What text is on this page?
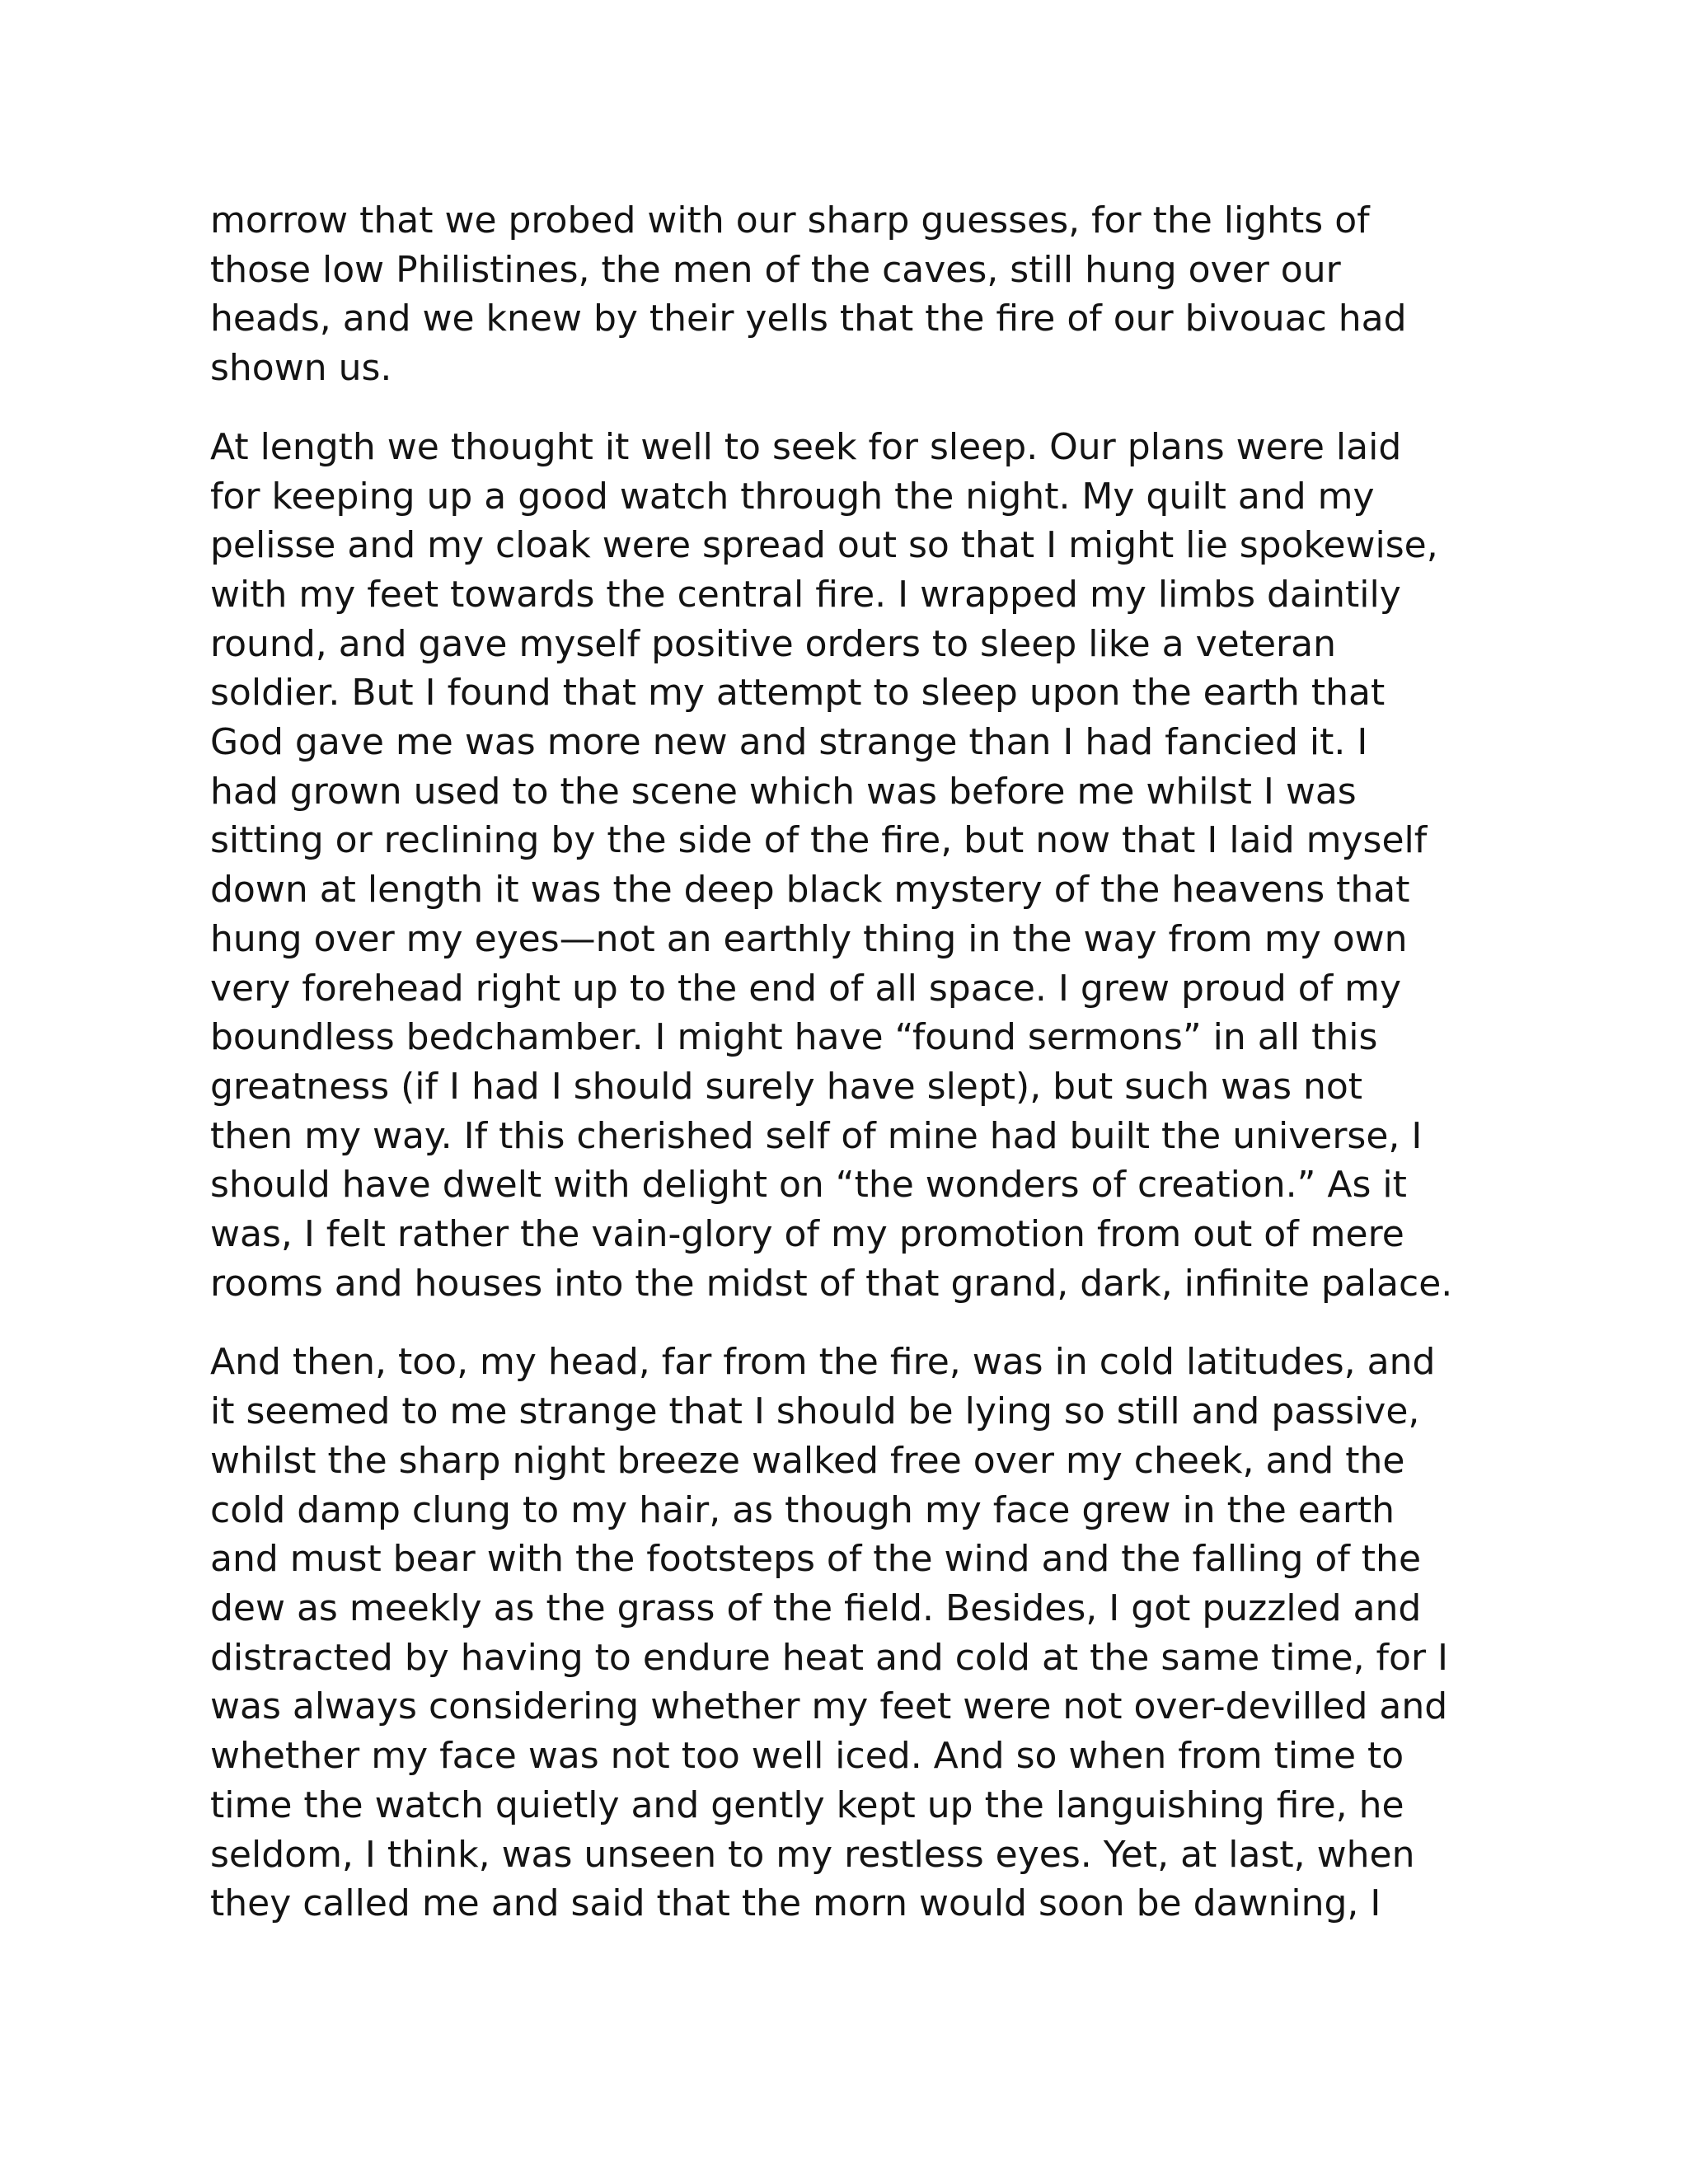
morrow that we probed with our sharp guesses, for the lights of
those low Philistines, the men of the caves, still hung over our
heads, and we knew by their yells that the fire of our bivouac had
shown us.

At length we thought it well to seek for sleep. Our plans were laid
for keeping up a good watch through the night. My quilt and my
pelisse and my cloak were spread out so that I might lie spokewise,
with my feet towards the central fire. I wrapped my limbs daintily
round, and gave myself positive orders to sleep like a veteran
soldier. But I found that my attempt to sleep upon the earth that
God gave me was more new and strange than I had fancied it. I
had grown used to the scene which was before me whilst I was
sitting or reclining by the side of the fire, but now that I laid myself
down at length it was the deep black mystery of the heavens that
hung over my eyes—not an earthly thing in the way from my own
very forehead right up to the end of all space. I grew proud of my
boundless bedchamber. I might have “found sermons” in all this
greatness (if I had I should surely have slept), but such was not
then my way. If this cherished self of mine had built the universe, I
should have dwelt with delight on “the wonders of creation.” As it
was, I felt rather the vain-glory of my promotion from out of mere
rooms and houses into the midst of that grand, dark, infinite palace.

And then, too, my head, far from the fire, was in cold latitudes, and
it seemed to me strange that I should be lying so still and passive,
whilst the sharp night breeze walked free over my cheek, and the
cold damp clung to my hair, as though my face grew in the earth
and must bear with the footsteps of the wind and the falling of the
dew as meekly as the grass of the field. Besides, I got puzzled and
distracted by having to endure heat and cold at the same time, for I
was always considering whether my feet were not over-devilled and
whether my face was not too well iced. And so when from time to
time the watch quietly and gently kept up the languishing fire, he
seldom, I think, was unseen to my restless eyes. Yet, at last, when
they called me and said that the morn would soon be dawning, I
